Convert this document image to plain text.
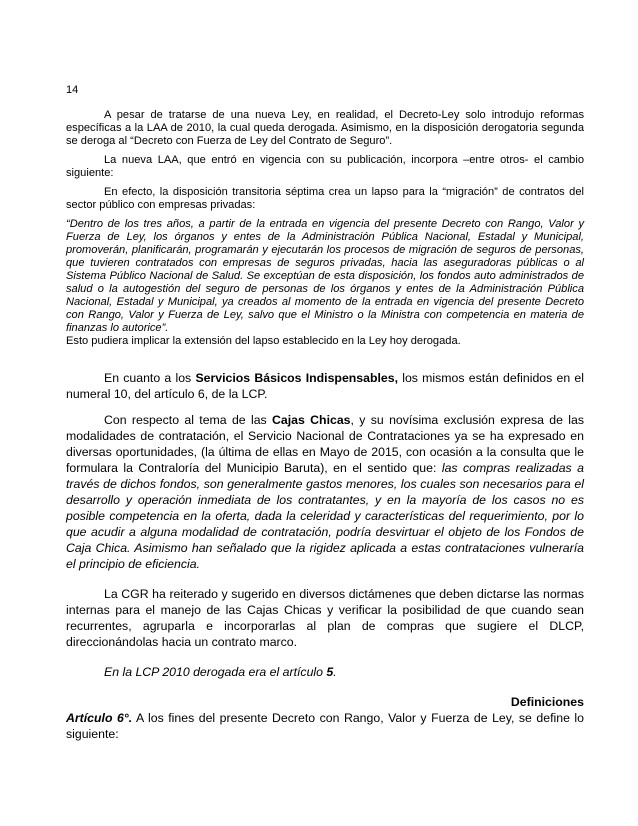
14

A pesar de tratarse de una nueva Ley, en realidad, el Decreto-Ley solo introdujo reformas específicas a la LAA de 2010, la cual queda derogada. Asimismo, en la disposición derogatoria segunda se deroga al “Decreto con Fuerza de Ley del Contrato de Seguro”.

La nueva LAA, que entró en vigencia con su publicación, incorpora –entre otros- el cambio siguiente:

En efecto, la disposición transitoria séptima crea un lapso para la “migración” de contratos del sector público con empresas privadas:

“Dentro de los tres años, a partir de la entrada en vigencia del presente Decreto con Rango, Valor y Fuerza de Ley, los órganos y entes de la Administración Pública Nacional, Estadal y Municipal, promoverán, planificarán, programarán y ejecutarán los procesos de migración de seguros de personas, que tuvieren contratados con empresas de seguros privadas, hacia las aseguradoras públicas o al Sistema Público Nacional de Salud. Se exceptúan de esta disposición, los fondos auto administrados de salud o la autogestión del seguro de personas de los órganos y entes de la Administración Pública Nacional, Estadal y Municipal, ya creados al momento de la entrada en vigencia del presente Decreto con Rango, Valor y Fuerza de Ley, salvo que el Ministro o la Ministra con competencia en materia de finanzas lo autorice”.

Esto pudiera implicar la extensión del lapso establecido en la Ley hoy derogada.

En cuanto a los Servicios Básicos Indispensables, los mismos están definidos en el numeral 10, del artículo 6, de la LCP.

Con respecto al tema de las Cajas Chicas, y su novísima exclusión expresa de las modalidades de contratación, el Servicio Nacional de Contrataciones ya se ha expresado en diversas oportunidades, (la última de ellas en Mayo de 2015, con ocasión a la consulta que le formulara la Contraloría del Municipio Baruta), en el sentido que: las compras realizadas a través de dichos fondos, son generalmente gastos menores, los cuales son necesarios para el desarrollo y operación inmediata de los contratantes, y en la mayoría de los casos no es posible competencia en la oferta, dada la celeridad y características del requerimiento, por lo que acudir a alguna modalidad de contratación, podría desvirtuar el objeto de los Fondos de Caja Chica. Asimismo han señalado que la rigidez aplicada a estas contrataciones vulneraría el principio de eficiencia.

La CGR ha reiterado y sugerido en diversos dictámenes que deben dictarse las normas internas para el manejo de las Cajas Chicas y verificar la posibilidad de que cuando sean recurrentes, agruparla e incorporarlas al plan de compras que sugiere el DLCP, direccionándolas hacia un contrato marco.

En la LCP 2010 derogada era el artículo 5.

Definiciones

Artículo 6°. A los fines del presente Decreto con Rango, Valor y Fuerza de Ley, se define lo siguiente:
